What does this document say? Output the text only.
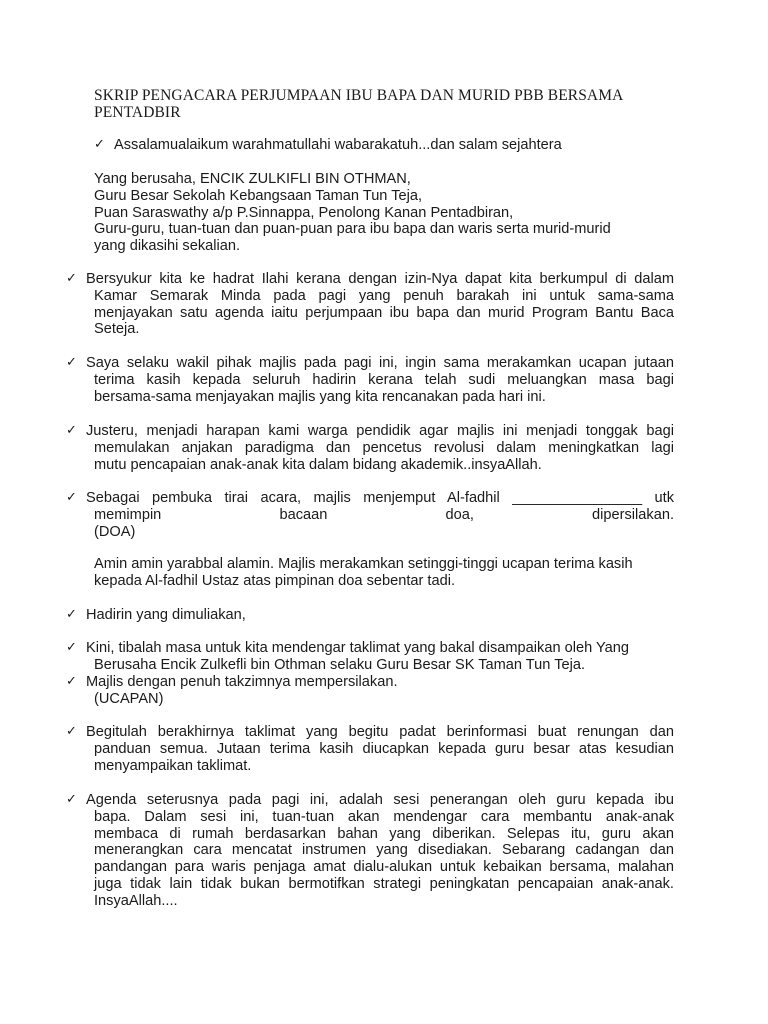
SKRIP PENGACARA PERJUMPAAN IBU BAPA DAN MURID PBB BERSAMA PENTADBIR
✓ Assalamualaikum warahmatullahi wabarakatuh...dan salam sejahtera
Yang berusaha, ENCIK ZULKIFLI BIN OTHMAN,
Guru Besar Sekolah Kebangsaan Taman Tun Teja,
Puan Saraswathy a/p P.Sinnappa, Penolong Kanan Pentadbiran,
Guru-guru, tuan-tuan dan puan-puan para ibu bapa dan waris serta murid-murid
yang dikasihi sekalian.
✓ Bersyukur kita ke hadrat Ilahi kerana dengan izin-Nya dapat kita berkumpul di dalam
Kamar Semarak Minda pada pagi yang penuh barakah ini untuk sama-sama
menjayakan satu agenda iaitu perjumpaan ibu bapa dan murid Program Bantu Baca
Seteja.
✓ Saya selaku wakil pihak majlis pada pagi ini, ingin sama merakamkan ucapan jutaan
terima kasih kepada seluruh hadirin kerana telah sudi meluangkan masa bagi
bersama-sama menjayakan majlis yang kita rencanakan pada hari ini.
✓ Justeru, menjadi harapan kami warga pendidik agar majlis ini menjadi tonggak bagi
memulakan anjakan paradigma dan pencetus revolusi dalam meningkatkan lagi
mutu pencapaian anak-anak kita dalam bidang akademik..insyaAllah.
✓ Sebagai pembuka tirai acara, majlis menjemput Al-fadhil ________________ utk
memimpin bacaan doa, dipersilakan.
(DOA)
Amin amin yarabbal alamin. Majlis merakamkan setinggi-tinggi ucapan terima kasih
kepada Al-fadhil Ustaz atas pimpinan doa sebentar tadi.
✓ Hadirin yang dimuliakan,
✓ Kini, tibalah masa untuk kita mendengar taklimat yang bakal disampaikan oleh Yang
Berusaha Encik Zulkefli bin Othman selaku Guru Besar SK Taman Tun Teja.
✓ Majlis dengan penuh takzimnya mempersilakan.
(UCAPAN)
✓ Begitulah berakhirnya taklimat yang begitu padat berinformasi buat renungan dan
panduan semua. Jutaan terima kasih diucapkan kepada guru besar atas kesudian
menyampaikan taklimat.
✓ Agenda seterusnya pada pagi ini, adalah sesi penerangan oleh guru kepada ibu
bapa. Dalam sesi ini, tuan-tuan akan mendengar cara membantu anak-anak
membaca di rumah berdasarkan bahan yang diberikan. Selepas itu, guru akan
menerangkan cara mencatat instrumen yang disediakan. Sebarang cadangan dan
pandangan para waris penjaga amat dialu-alukan untuk kebaikan bersama, malahan
juga tidak lain tidak bukan bermotifkan strategi peningkatan pencapaian anak-anak.
InsyaAllah....
